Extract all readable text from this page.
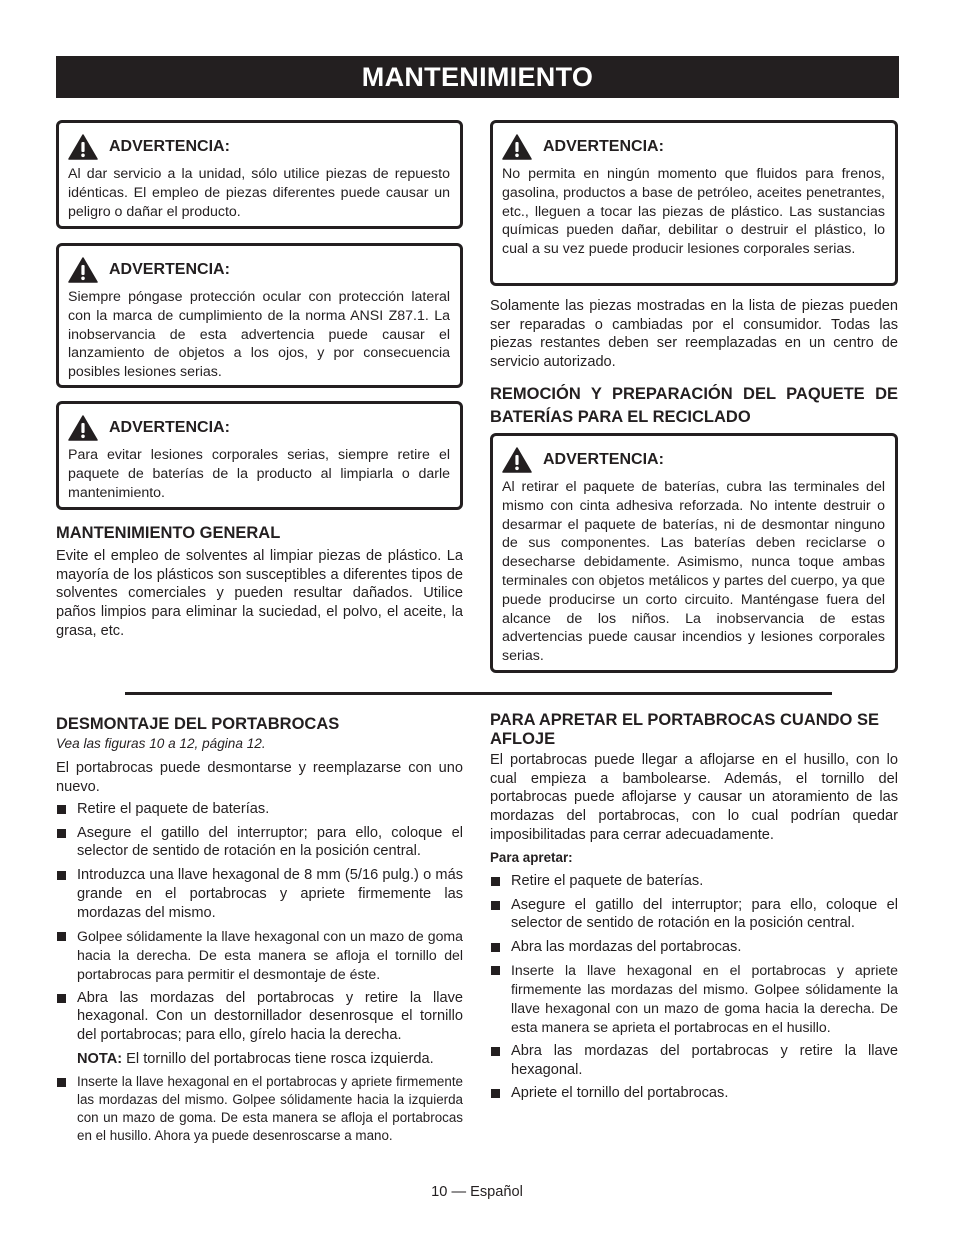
MANTENIMIENTO
ADVERTENCIA:
Al dar servicio a la unidad, sólo utilice piezas de repuesto idénticas. El empleo de piezas diferentes puede causar un peligro o dañar el producto.
ADVERTENCIA:
Siempre póngase protección ocular con protección lateral con la marca de cumplimiento de la norma ANSI Z87.1. La inobservancia de esta advertencia puede causar el lanzamiento de objetos a los ojos, y por consecuencia posibles lesiones serias.
ADVERTENCIA:
Para evitar lesiones corporales serias, siempre retire el paquete de baterías de la producto al limpiarla o darle mantenimiento.
MANTENIMIENTO GENERAL
Evite el empleo de solventes al limpiar piezas de plástico. La mayoría de los plásticos son susceptibles a diferentes tipos de solventes comerciales y pueden resultar dañados. Utilice paños limpios para eliminar la suciedad, el polvo, el aceite, la grasa, etc.
ADVERTENCIA:
No permita en ningún momento que fluidos para frenos, gasolina, productos a base de petróleo, aceites penetrantes, etc., lleguen a tocar las piezas de plástico. Las sustancias químicas pueden dañar, debilitar o destruir el plástico, lo cual a su vez puede producir lesiones corporales serias.
Solamente las piezas mostradas en la lista de piezas pueden ser reparadas o cambiadas por el consumidor. Todas las piezas restantes deben ser reemplazadas en un centro de servicio autorizado.
REMOCIÓN Y PREPARACIÓN DEL PAQUETE DE BATERÍAS PARA EL RECICLADO
ADVERTENCIA:
Al retirar el paquete de baterías, cubra las terminales del mismo con cinta adhesiva reforzada. No intente destruir o desarmar el paquete de baterías, ni de desmontar ninguno de sus componentes. Las baterías deben reciclarse o desecharse debidamente. Asimismo, nunca toque ambas terminales con objetos metálicos y partes del cuerpo, ya que puede producirse un corto circuito. Manténgase fuera del alcance de los niños. La inobservancia de estas advertencias puede causar incendios y lesiones corporales serias.
DESMONTAJE DEL PORTABROCAS
Vea las figuras 10 a 12, página 12.
El portabrocas puede desmontarse y reemplazarse con uno nuevo.
Retire el paquete de baterías.
Asegure el gatillo del interruptor; para ello, coloque el selector de sentido de rotación en la posición central.
Introduzca una llave hexagonal de 8 mm (5/16 pulg.) o más grande en el portabrocas y apriete firmemente las mordazas del mismo.
Golpee sólidamente la llave hexagonal con un mazo de goma hacia la derecha. De esta manera se afloja el tornillo del portabrocas para permitir el desmontaje de éste.
Abra las mordazas del portabrocas y retire la llave hexagonal. Con un destornillador desenrosque el tornillo del portabrocas; para ello, gírelo hacia la derecha.
NOTA: El tornillo del portabrocas tiene rosca izquierda.
Inserte la llave hexagonal en el portabrocas y apriete firmemente las mordazas del mismo. Golpee sólidamente hacia la izquierda con un mazo de goma. De esta manera se afloja el portabrocas en el husillo. Ahora ya puede desenroscarse a mano.
PARA APRETAR EL PORTABROCAS CUANDO SE AFLOJE
El portabrocas puede llegar a aflojarse en el husillo, con lo cual empieza a bambolearse. Además, el tornillo del portabrocas puede aflojarse y causar un atoramiento de las mordazas del portabrocas, con lo cual podrían quedar imposibilitadas para cerrar adecuadamente.
Para apretar:
Retire el paquete de baterías.
Asegure el gatillo del interruptor; para ello, coloque el selector de sentido de rotación en la posición central.
Abra las mordazas del portabrocas.
Inserte la llave hexagonal en el portabrocas y apriete firmemente las mordazas del mismo. Golpee sólidamente la llave hexagonal con un mazo de goma hacia la derecha. De esta manera se aprieta el portabrocas en el husillo.
Abra las mordazas del portabrocas y retire la llave hexagonal.
Apriete el tornillo del portabrocas.
10 — Español
